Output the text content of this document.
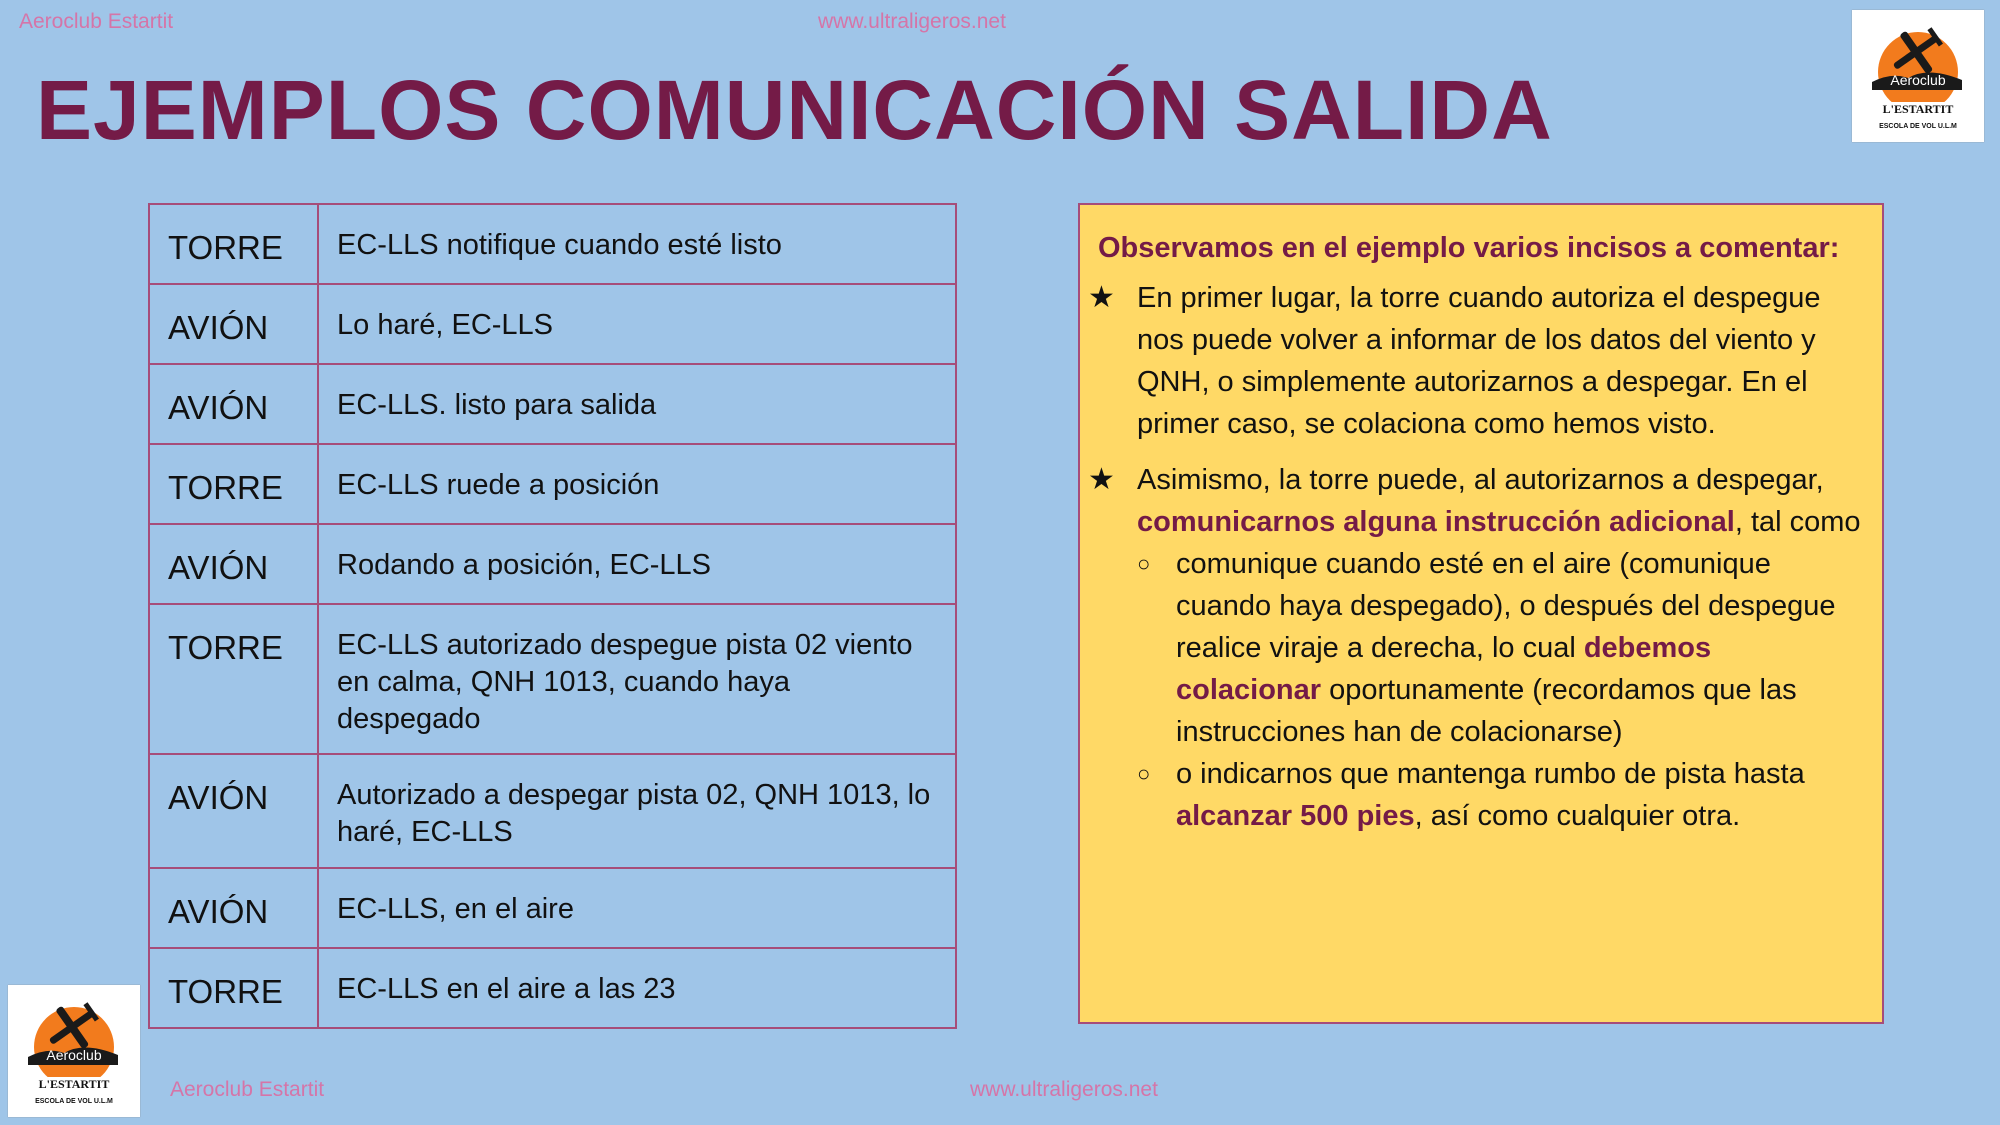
Aeroclub Estartit	www.ultraligeros.net
Aeroclub
L'ESTARTIT
ESCOLA DE VOL U.L.M
EJEMPLOS COMUNICACIÓN SALIDA
TORRE	EC-LLS notifique cuando esté listo
AVIÓN	Lo haré, EC-LLS
AVIÓN	EC-LLS. listo para salida
TORRE	EC-LLS ruede a posición
AVIÓN	Rodando a posición, EC-LLS
TORRE	EC-LLS autorizado despegue pista 02 viento en calma, QNH 1013, cuando haya despegado
AVIÓN	Autorizado a despegar pista 02, QNH 1013, lo haré, EC-LLS
AVIÓN	EC-LLS, en el aire
TORRE	EC-LLS en el aire a las 23

Observamos en el ejemplo varios incisos a comentar:

★ En primer lugar, la torre cuando autoriza el despegue nos puede volver a informar de los datos del viento y QNH, o simplemente autorizarnos a despegar. En el primer caso, se colaciona como hemos visto.
★ Asimismo, la torre puede, al autorizarnos a despegar, comunicarnos alguna instrucción adicional, tal como
○ comunique cuando esté en el aire (comunique cuando haya despegado), o después del despegue realice viraje a derecha, lo cual debemos colacionar oportunamente (recordamos que las instrucciones han de colacionarse)
○ o indicarnos que mantenga rumbo de pista hasta alcanzar 500 pies, así como cualquier otra.
Aeroclub
L'ESTARTIT
ESCOLA DE VOL U.L.M
Aeroclub Estartit	www.ultraligeros.net
